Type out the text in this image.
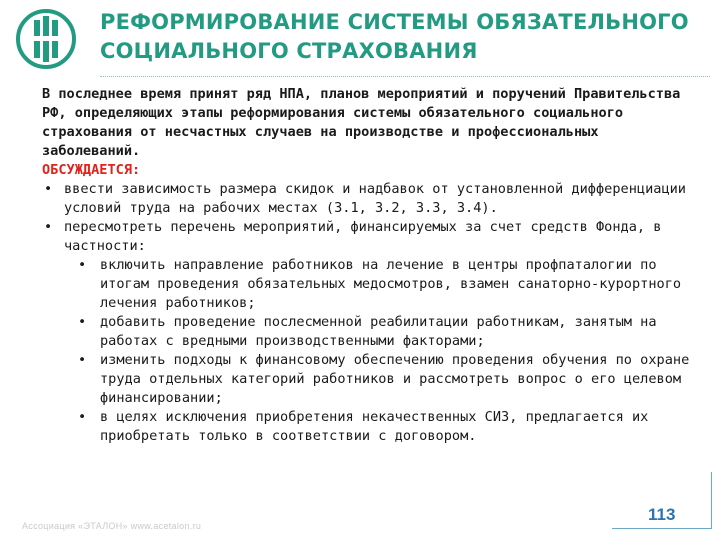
РЕФОРМИРОВАНИЕ СИСТЕМЫ ОБЯЗАТЕЛЬНОГО
СОЦИАЛЬНОГО СТРАХОВАНИЯ

В последнее время принят ряд НПА, планов мероприятий и поручений Правительства РФ, определяющих этапы реформирования системы обязательного социального страхования от несчастных случаев на производстве и профессиональных заболеваний.

ОБСУЖДАЕТСЯ:

• ввести зависимость размера скидок и надбавок от установленной дифференциации условий труда на рабочих местах (3.1, 3.2, 3.3, 3.4).
• пересмотреть перечень мероприятий, финансируемых за счет средств Фонда, в частности:
• включить направление работников на лечение в центры профпаталогии по итогам проведения обязательных медосмотров, взамен санаторно-курортного лечения работников;
• добавить проведение послесменной реабилитации работникам, занятым на работах с вредными производственными факторами;
• изменить подходы к финансовому обеспечению проведения обучения по охране труда отдельных категорий работников и рассмотреть вопрос о его целевом финансировании;
• в целях исключения приобретения некачественных СИЗ, предлагается их приобретать только в соответствии с договором.
Ассоциация «ЭТАЛОН» www.acetalon.ru
113
